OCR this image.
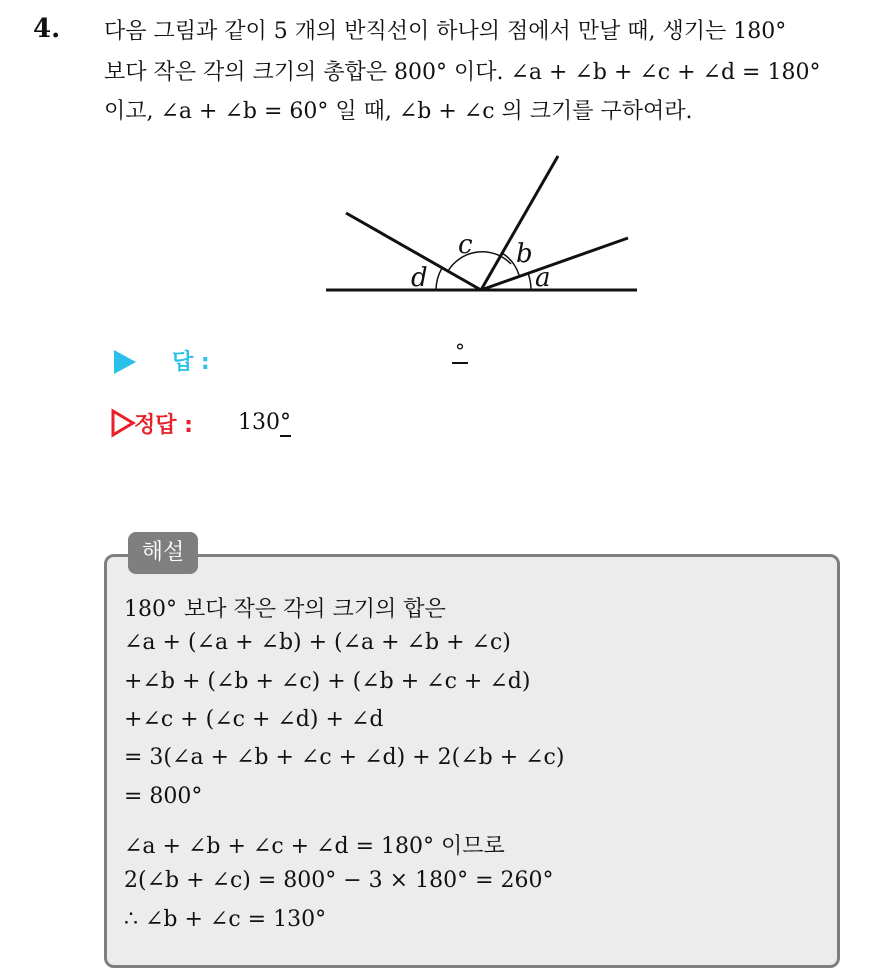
4. 다음 그림과 같이 5 개의 반직선이 하나의 점에서 만날 때, 생기는 180°
보다 작은 각의 크기의 총합은 800° 이다. ∠a + ∠b + ∠c + ∠d = 180°
이고, ∠a + ∠b = 60° 일 때, ∠b + ∠c 의 크기를 구하여라.
a
b
c
d
답 :	°
정답 : 130°
해설
180° 보다 작은 각의 크기의 합은
∠a + (∠a + ∠b) + (∠a + ∠b + ∠c)
+∠b + (∠b + ∠c) + (∠b + ∠c + ∠d)
+∠c + (∠c + ∠d) + ∠d
= 3(∠a + ∠b + ∠c + ∠d) + 2(∠b + ∠c)
= 800°
∠a + ∠b + ∠c + ∠d = 180° 이므로
2(∠b + ∠c) = 800° − 3 × 180° = 260°
∴ ∠b + ∠c = 130°
